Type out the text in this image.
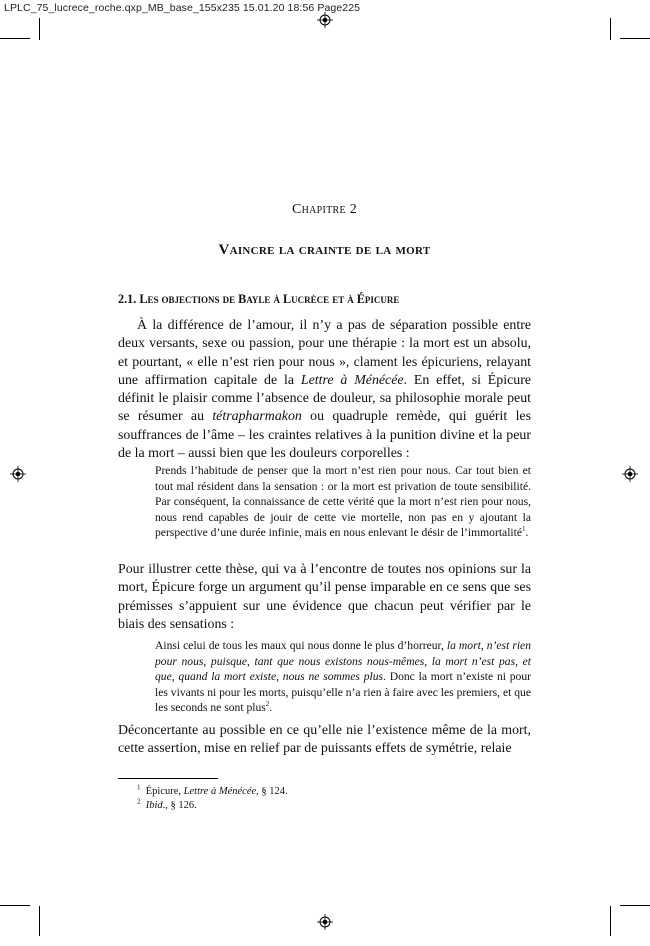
LPLC_75_lucrece_roche.qxp_MB_base_155x235 15.01.20 18:56 Page225
Chapitre 2
Vaincre la crainte de la mort
2.1. Les objections de Bayle à Lucrèce et à Épicure
À la différence de l’amour, il n’y a pas de séparation possible entre deux versants, sexe ou passion, pour une thérapie : la mort est un absolu, et pourtant, « elle n’est rien pour nous », clament les épicuriens, relayant une affirmation capitale de la Lettre à Ménécée. En effet, si Épicure définit le plaisir comme l’absence de douleur, sa philosophie morale peut se résumer au tétrapharmakon ou quadruple remède, qui guérit les souffrances de l’âme – les craintes relatives à la punition divine et la peur de la mort – aussi bien que les douleurs corporelles :
Prends l’habitude de penser que la mort n’est rien pour nous. Car tout bien et tout mal résident dans la sensation : or la mort est privation de toute sensibilité. Par conséquent, la connaissance de cette vérité que la mort n’est rien pour nous, nous rend capables de jouir de cette vie mortelle, non pas en y ajoutant la perspective d’une durée infinie, mais en nous enlevant le désir de l’immortalité$^1$.
Pour illustrer cette thèse, qui va à l’encontre de toutes nos opinions sur la mort, Épicure forge un argument qu’il pense imparable en ce sens que ses prémisses s’appuient sur une évidence que chacun peut vérifier par le biais des sensations :
Ainsi celui de tous les maux qui nous donne le plus d’horreur, la mort, n’est rien pour nous, puisque, tant que nous existons nous-mêmes, la mort n’est pas, et que, quand la mort existe, nous ne sommes plus. Donc la mort n’existe ni pour les vivants ni pour les morts, puisqu’elle n’a rien à faire avec les premiers, et que les seconds ne sont plus$^2$.
Déconcertante au possible en ce qu’elle nie l’existence même de la mort, cette assertion, mise en relief par de puissants effets de symétrie, relaie
$^1$ Épicure, Lettre à Ménécée, § 124.
$^2$ Ibid., § 126.
